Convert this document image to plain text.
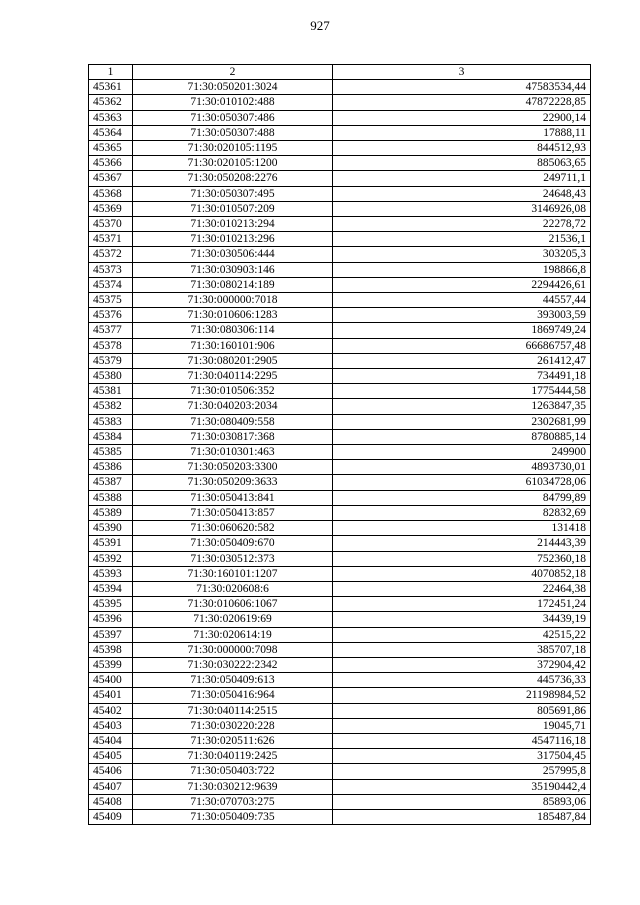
927
1	2	3
45361	71:30:050201:3024	47583534,44
45362	71:30:010102:488	47872228,85
45363	71:30:050307:486	22900,14
45364	71:30:050307:488	17888,11
45365	71:30:020105:1195	844512,93
45366	71:30:020105:1200	885063,65
45367	71:30:050208:2276	249711,1
45368	71:30:050307:495	24648,43
45369	71:30:010507:209	3146926,08
45370	71:30:010213:294	22278,72
45371	71:30:010213:296	21536,1
45372	71:30:030506:444	303205,3
45373	71:30:030903:146	198866,8
45374	71:30:080214:189	2294426,61
45375	71:30:000000:7018	44557,44
45376	71:30:010606:1283	393003,59
45377	71:30:080306:114	1869749,24
45378	71:30:160101:906	66686757,48
45379	71:30:080201:2905	261412,47
45380	71:30:040114:2295	734491,18
45381	71:30:010506:352	1775444,58
45382	71:30:040203:2034	1263847,35
45383	71:30:080409:558	2302681,99
45384	71:30:030817:368	8780885,14
45385	71:30:010301:463	249900
45386	71:30:050203:3300	4893730,01
45387	71:30:050209:3633	61034728,06
45388	71:30:050413:841	84799,89
45389	71:30:050413:857	82832,69
45390	71:30:060620:582	131418
45391	71:30:050409:670	214443,39
45392	71:30:030512:373	752360,18
45393	71:30:160101:1207	4070852,18
45394	71:30:020608:6	22464,38
45395	71:30:010606:1067	172451,24
45396	71:30:020619:69	34439,19
45397	71:30:020614:19	42515,22
45398	71:30:000000:7098	385707,18
45399	71:30:030222:2342	372904,42
45400	71:30:050409:613	445736,33
45401	71:30:050416:964	21198984,52
45402	71:30:040114:2515	805691,86
45403	71:30:030220:228	19045,71
45404	71:30:020511:626	4547116,18
45405	71:30:040119:2425	317504,45
45406	71:30:050403:722	257995,8
45407	71:30:030212:9639	35190442,4
45408	71:30:070703:275	85893,06
45409	71:30:050409:735	185487,84
